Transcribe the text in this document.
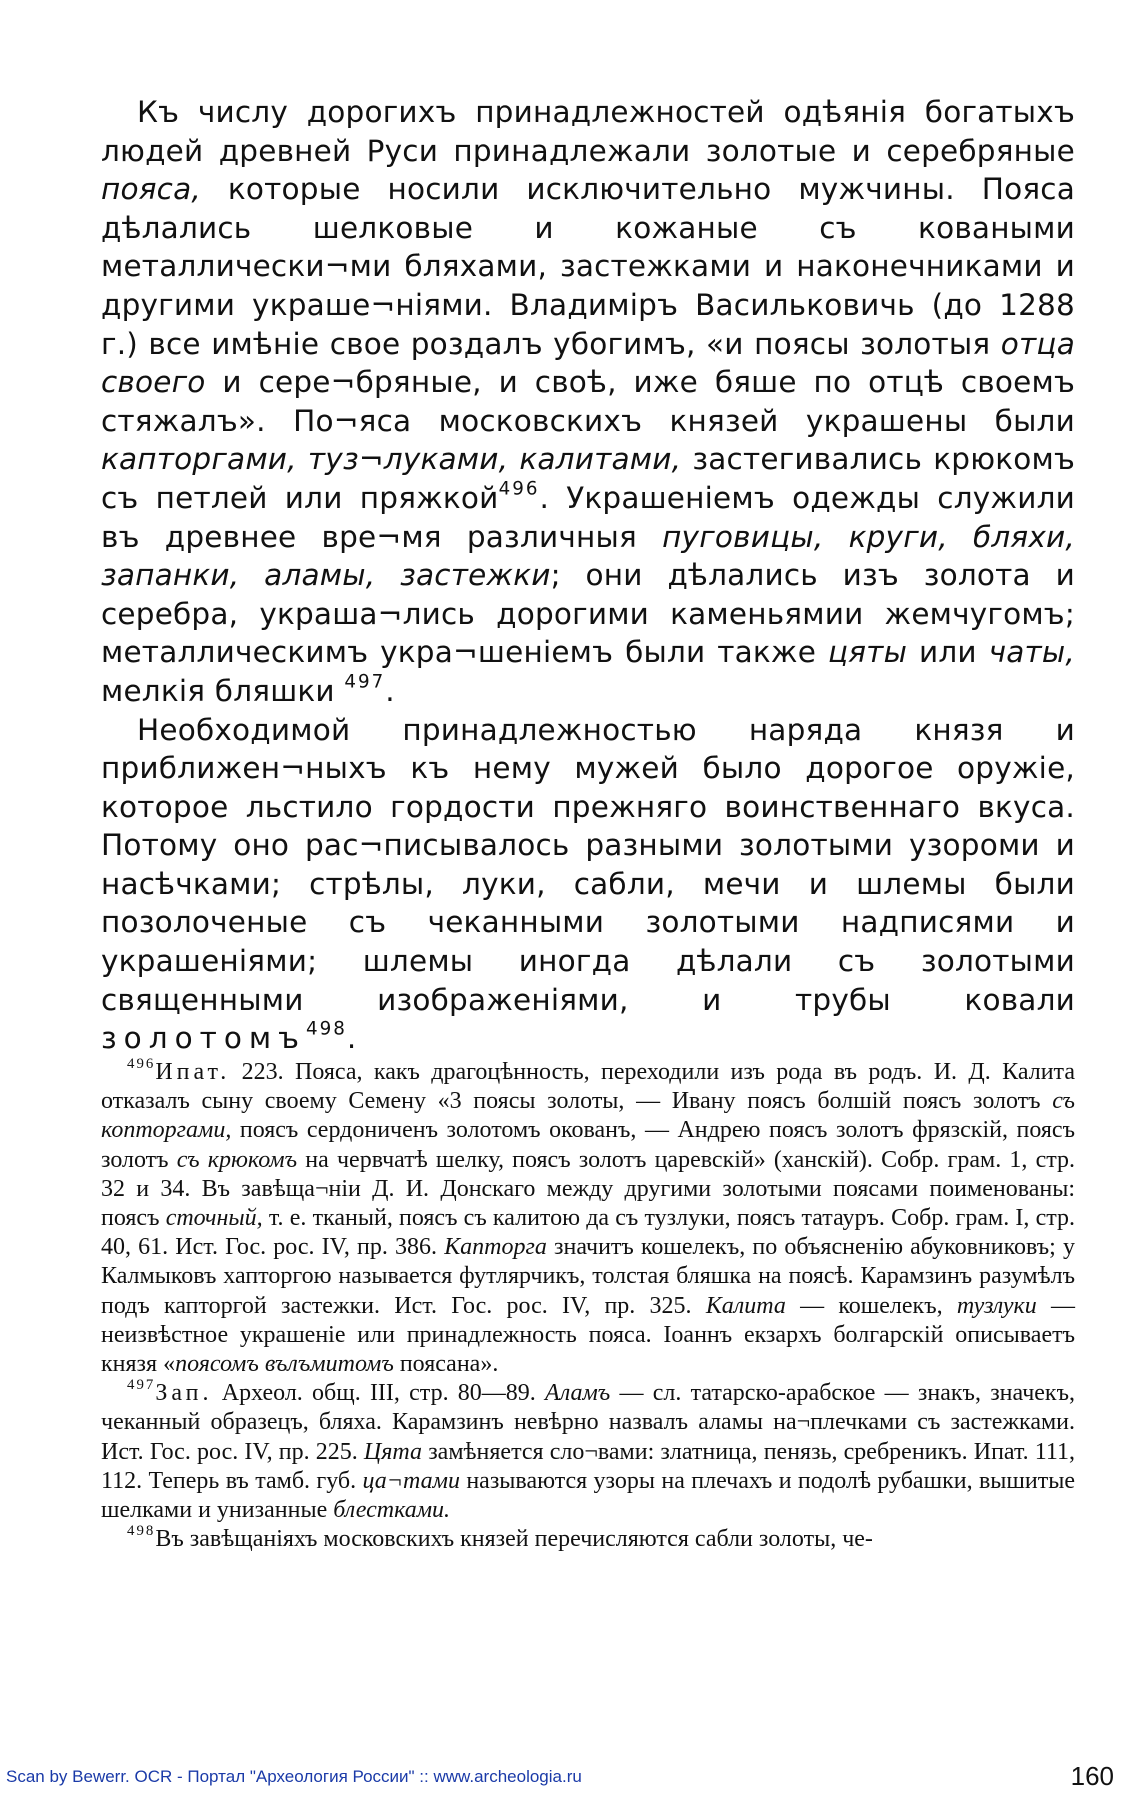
Къ числу дорогихъ принадлежностей одѣянія богатыхъ людей древней Руси принадлежали золотые и серебряные пояса, которые носили исключительно мужчины. Пояса дѣлались шелковые и кожаные съ коваными металлически¬ми бляхами, застежками и наконечниками и другими украше¬ніями. Владиміръ Васильковичь (до 1288 г.) все имѣніе свое роздалъ убогимъ, «и поясы золотыя отца своего и сере¬бряные, и своѣ, иже бяше по отцѣ своемъ стяжалъ». По¬яса московскихъ князей украшены были капторгами, туз¬луками, калитами, застегивались крюкомъ съ петлей или пряжкой$^{496}$. Украшеніемъ одежды служили въ древнее вре¬мя различныя пуговицы, круги, бляхи, запанки, аламы, застежки; они дѣлались изъ золота и серебра, украша¬лись дорогими каменьямии жемчугомъ; металлическимъ укра¬шеніемъ были также цяты или чаты, мелкія бляшки $^{497}$.

Необходимой принадлежностью наряда князя и приближен¬ныхъ къ нему мужей было дорогое оружіе, которое льстило гордости прежняго воинственнаго вкуса. Потому оно рас¬писывалось разными золотыми узороми и насѣчками; стрѣлы, луки, сабли, мечи и шлемы были позолоченые съ чеканными золотыми надписями и украшеніями; шлемы иногда дѣлали съ золотыми священными изображеніями, и трубы ковали золотомъ$^{498}$.

$^{496}$Ипат. 223. Пояса, какъ драгоцѣнность, переходили изъ рода въ родъ. И. Д. Калита отказалъ сыну своему Семену «3 поясы золоты, — Ивану поясъ болшій поясъ золотъ съ копторгами, поясъ сердониченъ золотомъ окованъ, — Андрею поясъ золотъ фрязскій, поясъ золотъ съ крюкомъ на червчатѣ шелку, поясъ золотъ царевскій» (ханскій). Собр. грам. 1, стр. 32 и 34. Въ завѣща¬ніи Д. И. Донскаго между другими золотыми поясами поименованы: поясъ сточный, т. е. тканый, поясъ съ калитою да съ тузлуки, поясъ татауръ. Собр. грам. I, стр. 40, 61. Ист. Гос. рос. IV, пр. 386. Капторга значитъ кошелекъ, по объясненію абуковниковъ; у Калмыковъ хапторгою называется футлярчикъ, толстая бляшка на поясѣ. Карамзинъ разумѣлъ подъ капторгой застежки. Ист. Гос. рос. IV, пр. 325. Калита — кошелекъ, тузлуки — неизвѣстное украшеніе или принадлежность пояса. Іоаннъ екзархъ болгарскій описываетъ князя «поясомъ вълъмитомъ поясана».

$^{497}$Зап. Археол. общ. III, стр. 80—89. Аламъ — сл. татарско-арабское — знакъ, значекъ, чеканный образецъ, бляха. Карамзинъ невѣрно назвалъ аламы на¬плечками съ застежками. Ист. Гос. рос. IV, пр. 225. Цята замѣняется сло¬вами: златница, пенязь, сребреникъ. Ипат. 111, 112. Теперь въ тамб. губ. ца¬тами называются узоры на плечахъ и подолѣ рубашки, вышитые шелками и унизанные блестками.

$^{498}$Въ завѣщаніяхъ московскихъ князей перечисляются сабли золоты, че-

Scan by Bewerr. OCR - Портал "Археология России" :: www.archeologia.ru	160
